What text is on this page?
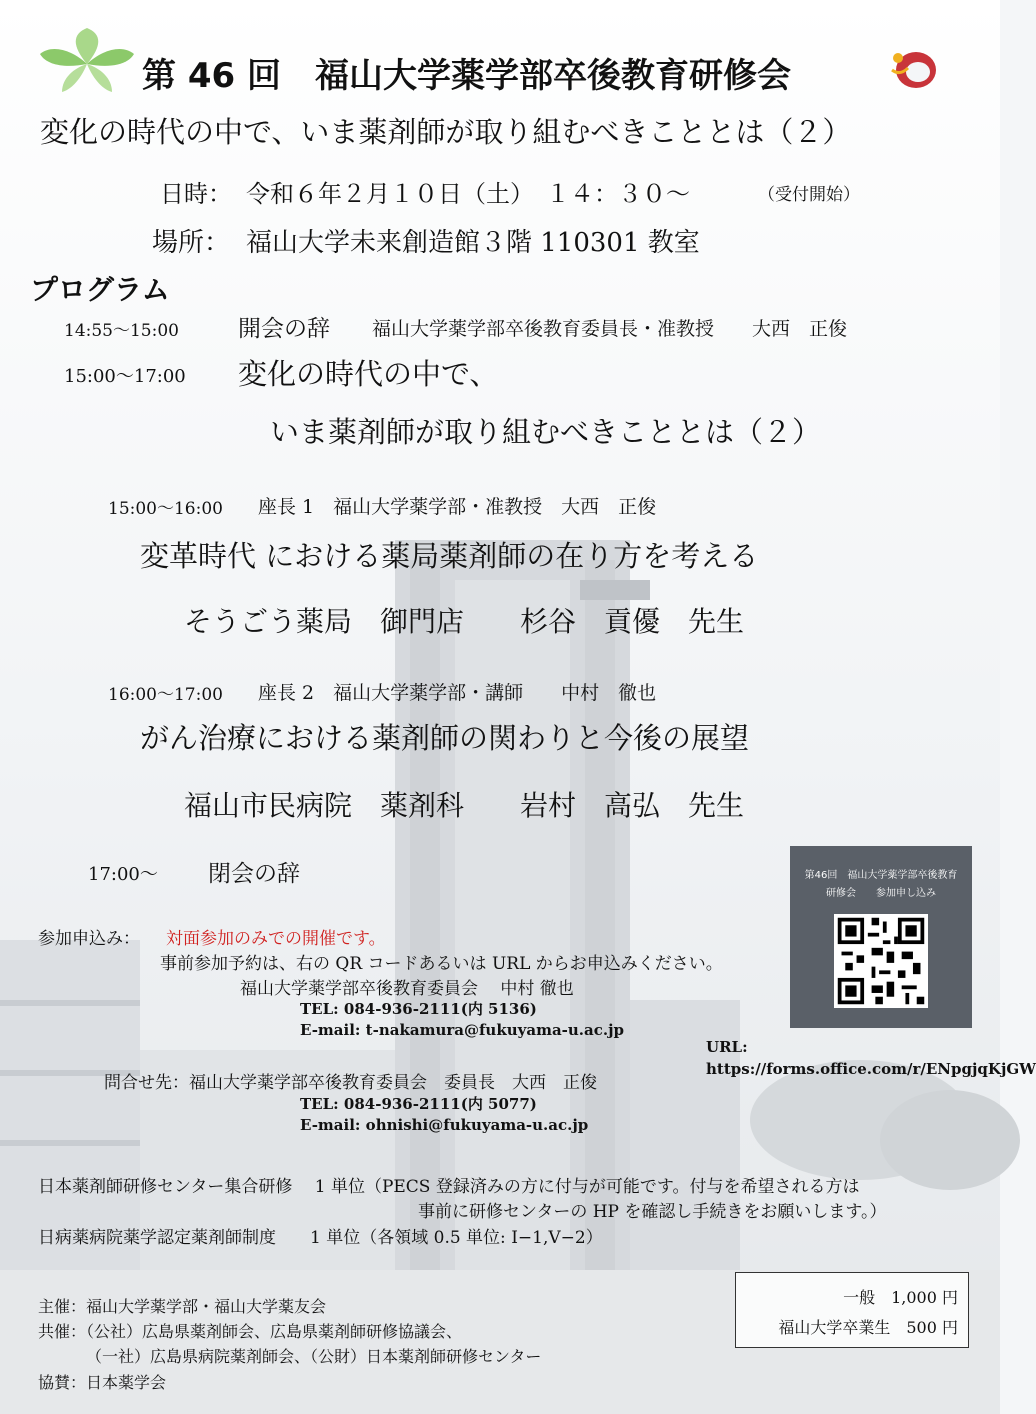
第 46 回　福山大学薬学部卒後教育研修会
変化の時代の中で、いま薬剤師が取り組むべきこととは（２）
日時： 令和６年２月１０日（土）　１４：３０〜	（受付開始）
場所： 福山大学未来創造館３階 110301 教室
プログラム
14:55〜15:00	開会の辞 福山大学薬学部卒後教育委員長・准教授　　大西　正俊
15:00〜17:00 変化の時代の中で、
いま薬剤師が取り組むべきこととは（２）
15:00〜16:00 座長 1　福山大学薬学部・准教授　大西　正俊
変革時代 における薬局薬剤師の在り方を考える
そうごう薬局　御門店　　杉谷　貢優　先生
16:00〜17:00 座長 2　福山大学薬学部・講師　　中村　徹也
がん治療における薬剤師の関わりと今後の展望
福山市民病院　薬剤科　　岩村　高弘　先生
17:00〜 閉会の辞
参加申込み： 対面参加のみでの開催です。
事前参加予約は、右の QR コードあるいは URL からお申込みください。
福山大学薬学部卒後教育委員会　 中村 徹也
TEL: 084-936-2111(内 5136)
E-mail: t-nakamura@fukuyama-u.ac.jp
問合せ先：福山大学薬学部卒後教育委員会　委員長　大西　正俊
TEL: 084-936-2111(内 5077)
E-mail: ohnishi@fukuyama-u.ac.jp
第46回　福山大学薬学部卒後教育
研修会　　参加申し込み
URL:
https://forms.office.com/r/ENpgjqKjGW
日本薬剤師研修センター集合研修　 1 単位（PECS 登録済みの方に付与が可能です。付与を希望される方は
事前に研修センターの HP を確認し手続きをお願いします。）
日病薬病院薬学認定薬剤師制度　　1 単位（各領域 0.5 単位: I−1,V−2）
主催：福山大学薬学部・福山大学薬友会
共催：（公社）広島県薬剤師会、広島県薬剤師研修協議会、
（一社）広島県病院薬剤師会、（公財）日本薬剤師研修センター
協賛：日本薬学会
一般　1,000 円
福山大学卒業生　500 円
